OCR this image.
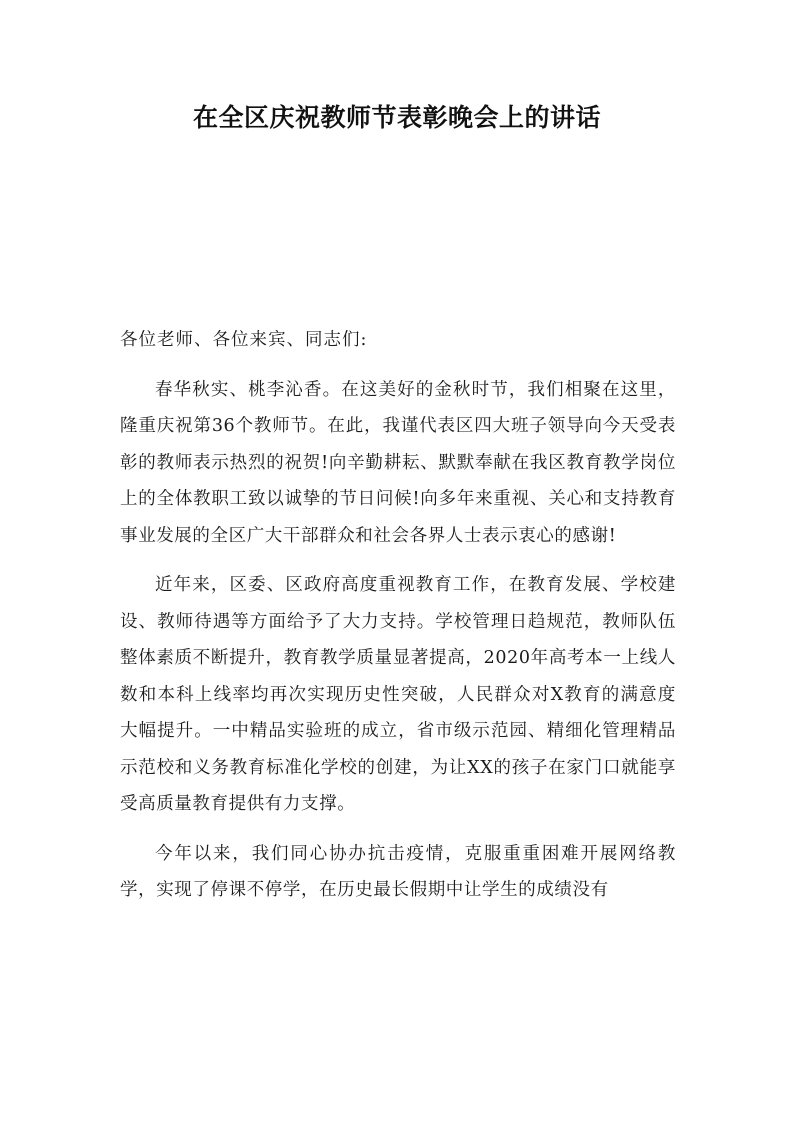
在全区庆祝教师节表彰晚会上的讲话

各位老师、各位来宾、同志们:

春华秋实、桃李沁香。在这美好的金秋时节，我们相聚在这里，隆重庆祝第36个教师节。在此，我谨代表区四大班子领导向今天受表彰的教师表示热烈的祝贺!向辛勤耕耘、默默奉献在我区教育教学岗位上的全体教职工致以诚挚的节日问候!向多年来重视、关心和支持教育事业发展的全区广大干部群众和社会各界人士表示衷心的感谢!

近年来，区委、区政府高度重视教育工作，在教育发展、学校建设、教师待遇等方面给予了大力支持。学校管理日趋规范，教师队伍整体素质不断提升，教育教学质量显著提高，2020年高考本一上线人数和本科上线率均再次实现历史性突破，人民群众对X教育的满意度大幅提升。一中精品实验班的成立，省市级示范园、精细化管理精品示范校和义务教育标准化学校的创建，为让XX的孩子在家门口就能享受高质量教育提供有力支撑。

今年以来，我们同心协办抗击疫情，克服重重困难开展网络教学，实现了停课不停学，在历史最长假期中让学生的成绩没有
